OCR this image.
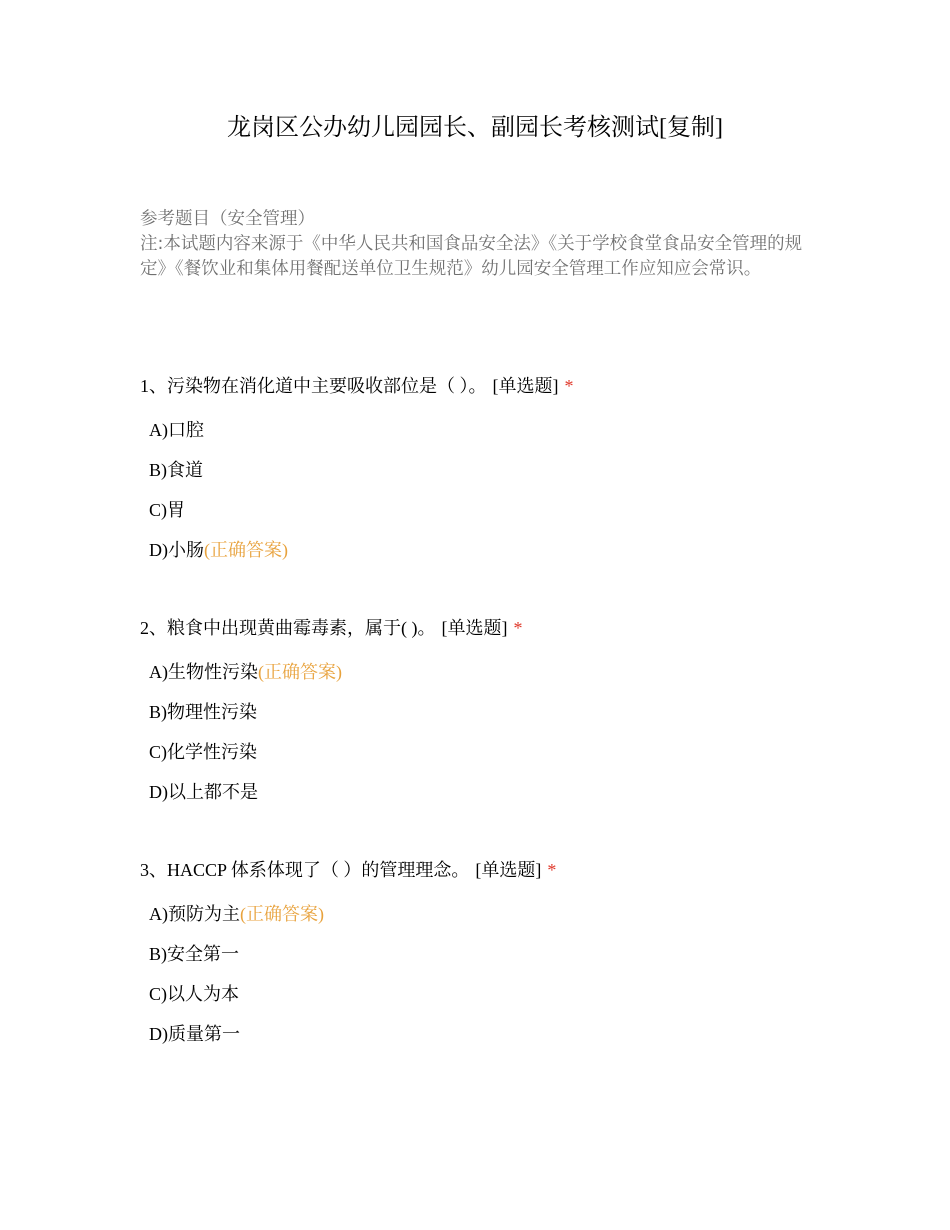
龙岗区公办幼儿园园长、副园长考核测试[复制]
参考题目（安全管理）
注:本试题内容来源于《中华人民共和国食品安全法》《关于学校食堂食品安全管理的规定》《餐饮业和集体用餐配送单位卫生规范》幼儿园安全管理工作应知应会常识。
1、污染物在消化道中主要吸收部位是（ ）。 [单选题] *
A)口腔
B)食道
C)胃
D)小肠(正确答案)
2、粮食中出现黄曲霉毒素，属于( )。 [单选题] *
A)生物性污染(正确答案)
B)物理性污染
C)化学性污染
D)以上都不是
3、HACCP 体系体现了（ ）的管理理念。 [单选题] *
A)预防为主(正确答案)
B)安全第一
C)以人为本
D)质量第一
